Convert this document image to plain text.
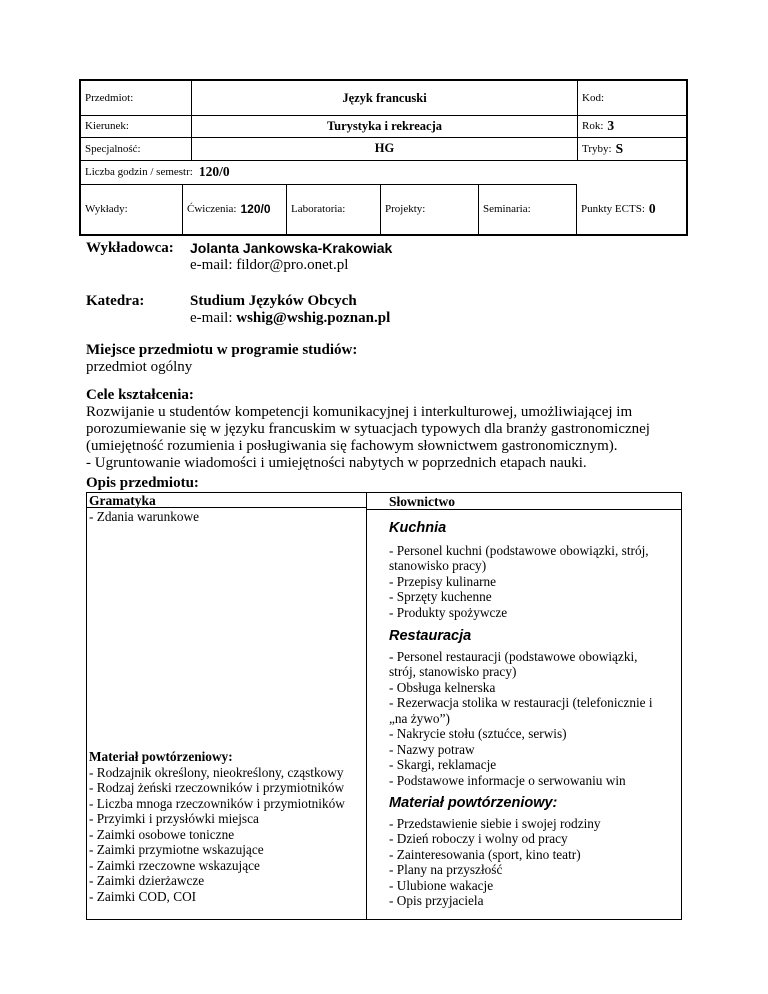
Przedmiot:	Język francuski	Kod:
Kierunek:	Turystyka i rekreacja	Rok: 3
Specjalność:	HG	Tryby: S
Liczba godzin / semestr: 120/0
Wykłady:	Ćwiczenia: 120/0	Laboratoria:	Projekty:	Seminaria:	Punkty ECTS: 0
Wykładowca: Jolanta Jankowska-Krakowiak
e-mail: fildor@pro.onet.pl
Katedra:	Studium Języków Obcych
e-mail: wshig@wshig.poznan.pl
Miejsce przedmiotu w programie studiów:
przedmiot ogólny
Cele kształcenia:
Rozwijanie u studentów kompetencji komunikacyjnej i interkulturowej, umożliwiającej im
porozumiewanie się w języku francuskim w sytuacjach typowych dla branży gastronomicznej
(umiejętność rozumienia i posługiwania się fachowym słownictwem gastronomicznym).
- Ugruntowanie wiadomości i umiejętności nabytych w poprzednich etapach nauki.
Opis przedmiotu:
Gramatyka
- Zdania warunkowe
Materiał powtórzeniowy:
- Rodzajnik określony, nieokreślony, cząstkowy
- Rodzaj żeński rzeczowników i przymiotników
- Liczba mnoga rzeczowników i przymiotników
- Przyimki i przysłówki miejsca
- Zaimki osobowe toniczne
- Zaimki przymiotne wskazujące
- Zaimki rzeczowne wskazujące
- Zaimki dzierżawcze
- Zaimki COD, COI
Słownictwo
Kuchnia
- Personel kuchni (podstawowe obowiązki, strój,
stanowisko pracy)
- Przepisy kulinarne
- Sprzęty kuchenne
- Produkty spożywcze
Restauracja
- Personel restauracji (podstawowe obowiązki,
strój, stanowisko pracy)
- Obsługa kelnerska
- Rezerwacja stolika w restauracji (telefonicznie i
„na żywo”)
- Nakrycie stołu (sztućce, serwis)
- Nazwy potraw
- Skargi, reklamacje
- Podstawowe informacje o serwowaniu win
Materiał powtórzeniowy:
- Przedstawienie siebie i swojej rodziny
- Dzień roboczy i wolny od pracy
- Zainteresowania (sport, kino teatr)
- Plany na przyszłość
- Ulubione wakacje
- Opis przyjaciela
